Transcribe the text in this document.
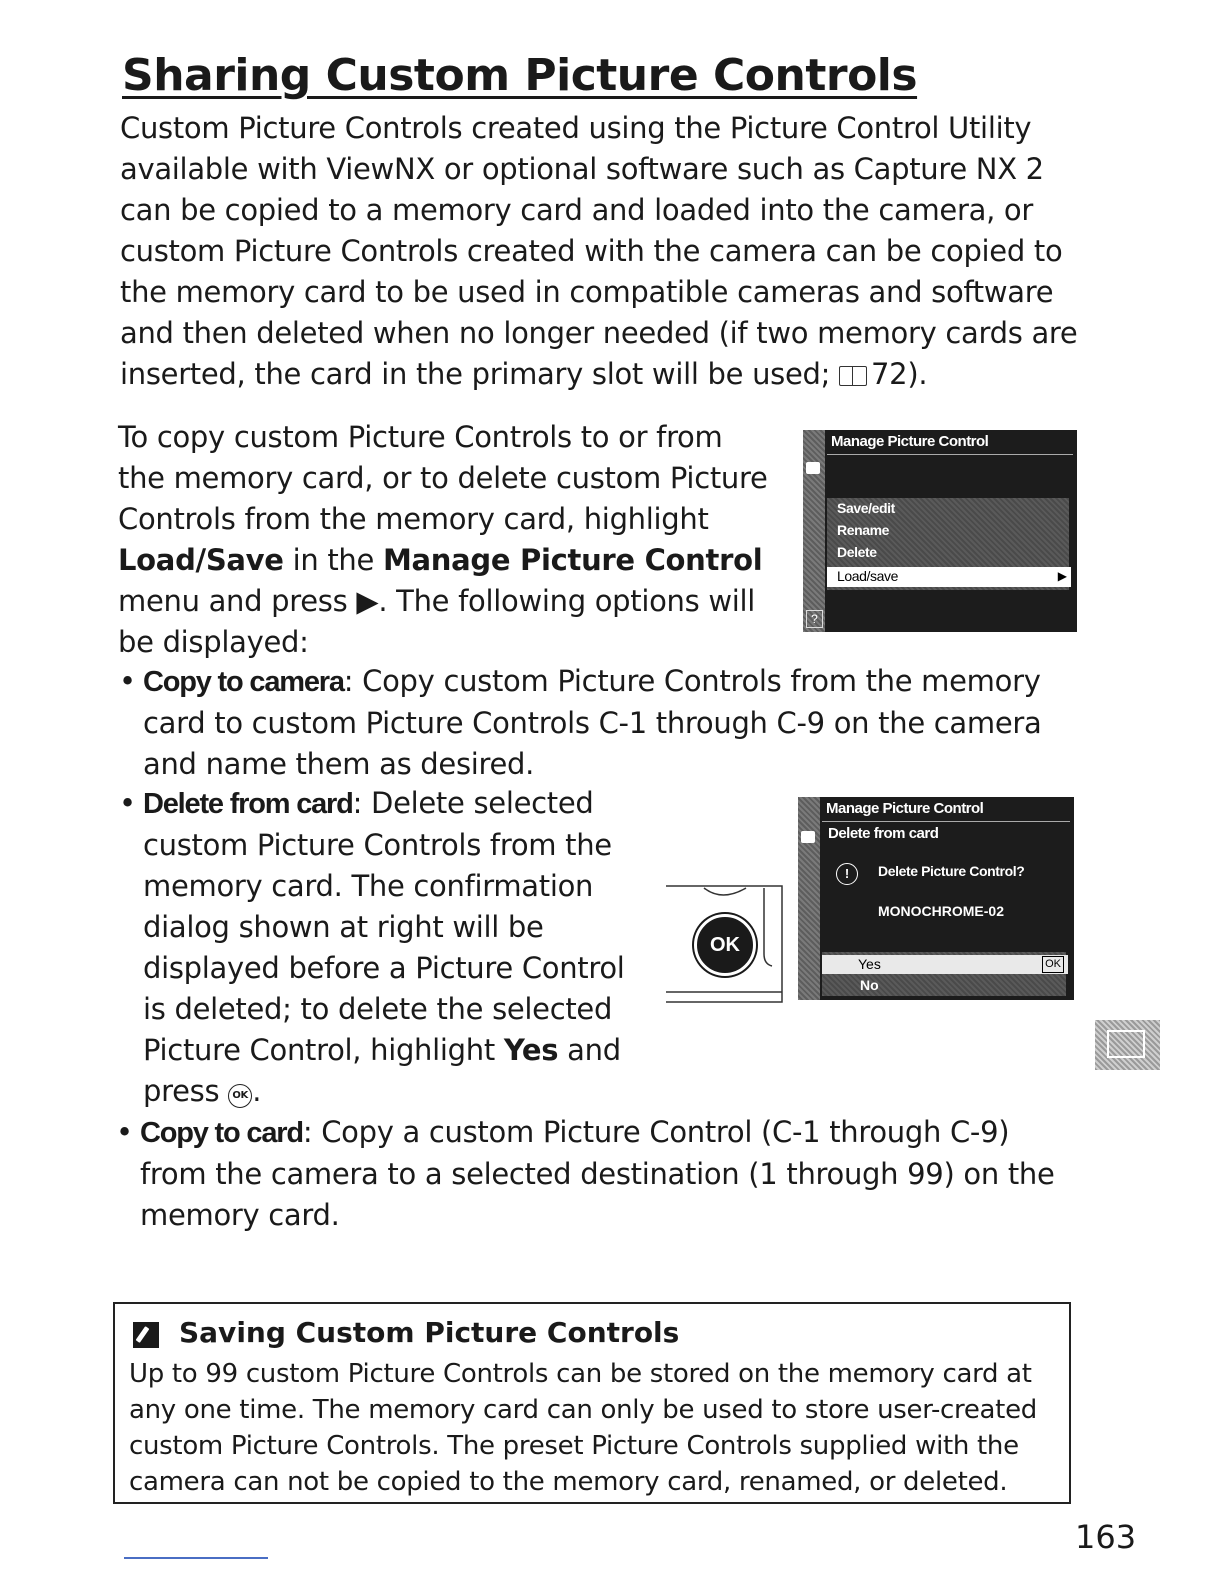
Sharing Custom Picture Controls
Custom Picture Controls created using the Picture Control Utility available with ViewNX or optional software such as Capture NX 2 can be copied to a memory card and loaded into the camera, or custom Picture Controls created with the camera can be copied to the memory card to be used in compatible cameras and software and then deleted when no longer needed (if two memory cards are inserted, the card in the primary slot will be used; 72).
To copy custom Picture Controls to or from the memory card, or to delete custom Picture Controls from the memory card, highlight Load/Save in the Manage Picture Control menu and press ▶. The following options will be displayed:
Manage Picture Control
Save/edit
Rename
Delete
Load/save	▶
?
• Copy to camera: Copy custom Picture Controls from the memory card to custom Picture Controls C-1 through C-9 on the camera and name them as desired.
• Delete from card: Delete selected custom Picture Controls from the memory card. The confirmation dialog shown at right will be displayed before a Picture Control is deleted; to delete the selected Picture Control, highlight Yes and press OK .
OK
Manage Picture Control
Delete from card
!	Delete Picture Control?
MONOCHROME-02
Yes	OK
No
• Copy to card: Copy a custom Picture Control (C-1 through C-9) from the camera to a selected destination (1 through 99) on the memory card.
Saving Custom Picture Controls
Up to 99 custom Picture Controls can be stored on the memory card at any one time. The memory card can only be used to store user-created custom Picture Controls. The preset Picture Controls supplied with the camera can not be copied to the memory card, renamed, or deleted.
163
